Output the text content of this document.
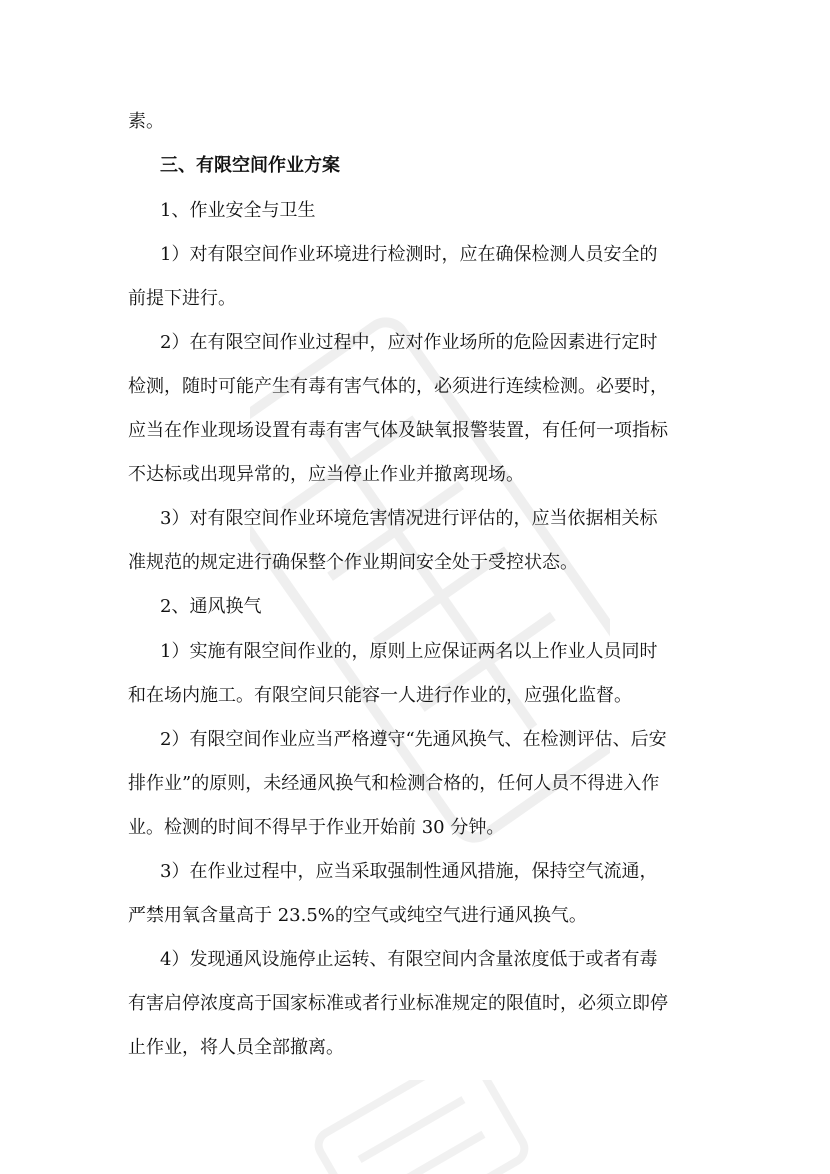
素。
三、有限空间作业方案
1、作业安全与卫生
1）对有限空间作业环境进行检测时，应在确保检测人员安全的
前提下进行。
2）在有限空间作业过程中，应对作业场所的危险因素进行定时
检测，随时可能产生有毒有害气体的，必须进行连续检测。必要时，
应当在作业现场设置有毒有害气体及缺氧报警装置，有任何一项指标
不达标或出现异常的，应当停止作业并撤离现场。
3）对有限空间作业环境危害情况进行评估的，应当依据相关标
准规范的规定进行确保整个作业期间安全处于受控状态。
2、通风换气
1）实施有限空间作业的，原则上应保证两名以上作业人员同时
和在场内施工。有限空间只能容一人进行作业的，应强化监督。
2）有限空间作业应当严格遵守“先通风换气、在检测评估、后安
排作业”的原则，未经通风换气和检测合格的，任何人员不得进入作
业。检测的时间不得早于作业开始前 30 分钟。
3）在作业过程中，应当采取强制性通风措施，保持空气流通，
严禁用氧含量高于 23.5%的空气或纯空气进行通风换气。
4）发现通风设施停止运转、有限空间内含量浓度低于或者有毒
有害启停浓度高于国家标准或者行业标准规定的限值时，必须立即停
止作业，将人员全部撤离。
